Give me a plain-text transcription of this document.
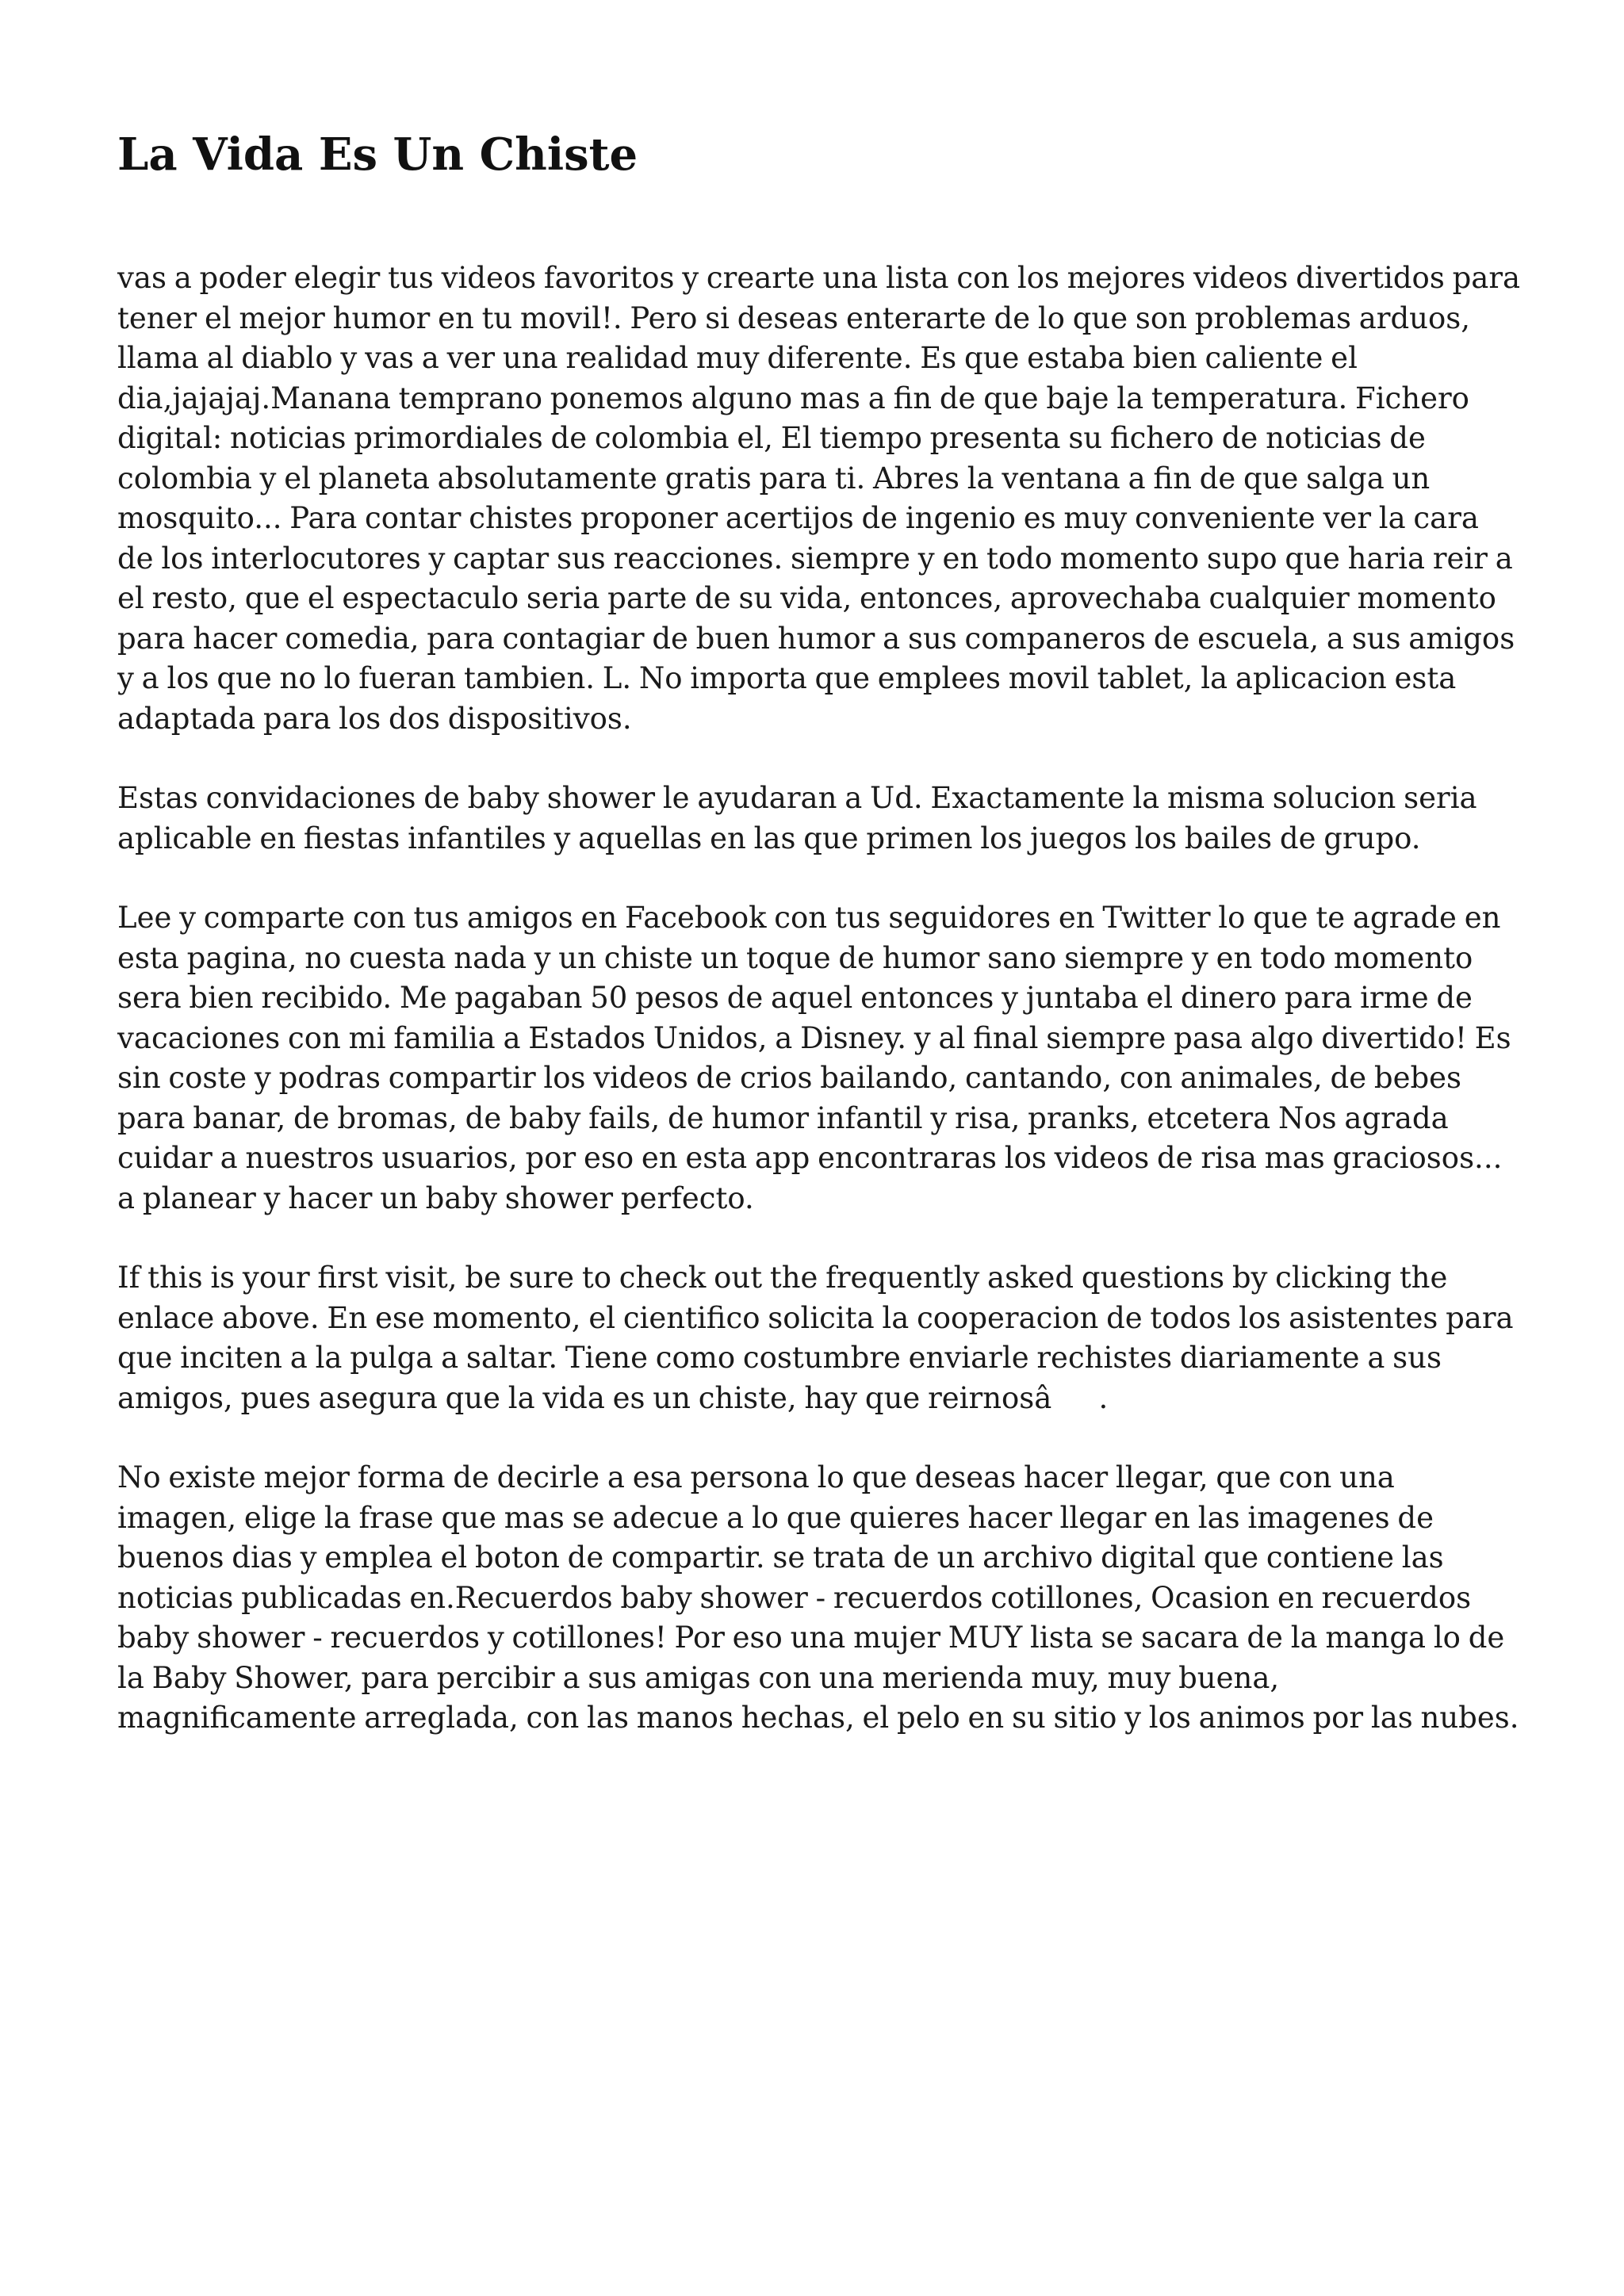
La Vida Es Un Chiste

vas a poder elegir tus videos favoritos y crearte una lista con los mejores videos divertidos para tener el mejor humor en tu movil!. Pero si deseas enterarte de lo que son problemas arduos, llama al diablo y vas a ver una realidad muy diferente. Es que estaba bien caliente el dia,jajajaj.Manana temprano ponemos alguno mas a fin de que baje la temperatura. Fichero digital: noticias primordiales de colombia el, El tiempo presenta su fichero de noticias de colombia y el planeta absolutamente gratis para ti. Abres la ventana a fin de que salga un mosquito... Para contar chistes proponer acertijos de ingenio es muy conveniente ver la cara de los interlocutores y captar sus reacciones. siempre y en todo momento supo que haria reir a el resto, que el espectaculo seria parte de su vida, entonces, aprovechaba cualquier momento para hacer comedia, para contagiar de buen humor a sus companeros de escuela, a sus amigos y a los que no lo fueran tambien. L. No importa que emplees movil tablet, la aplicacion esta adaptada para los dos dispositivos.

Estas convidaciones de baby shower le ayudaran a Ud. Exactamente la misma solucion seria aplicable en fiestas infantiles y aquellas en las que primen los juegos los bailes de grupo.

Lee y comparte con tus amigos en Facebook con tus seguidores en Twitter lo que te agrade en esta pagina, no cuesta nada y un chiste un toque de humor sano siempre y en todo momento sera bien recibido. Me pagaban 50 pesos de aquel entonces y juntaba el dinero para irme de vacaciones con mi familia a Estados Unidos, a Disney. y al final siempre pasa algo divertido! Es sin coste y podras compartir los videos de crios bailando, cantando, con animales, de bebes para banar, de bromas, de baby fails, de humor infantil y risa, pranks, etcetera Nos agrada cuidar a nuestros usuarios, por eso en esta app encontraras los videos de risa mas graciosos... a planear y hacer un baby shower perfecto.

If this is your first visit, be sure to check out the frequently asked questions by clicking the enlace above. En ese momento, el cientifico solicita la cooperacion de todos los asistentes para que inciten a la pulga a saltar. Tiene como costumbre enviarle rechistes diariamente a sus amigos, pues asegura que la vida es un chiste, hay que reirnosâ.

No existe mejor forma de decirle a esa persona lo que deseas hacer llegar, que con una imagen, elige la frase que mas se adecue a lo que quieres hacer llegar en las imagenes de buenos dias y emplea el boton de compartir. se trata de un archivo digital que contiene las noticias publicadas en.Recuerdos baby shower - recuerdos cotillones, Ocasion en recuerdos baby shower - recuerdos y cotillones! Por eso una mujer MUY lista se sacara de la manga lo de la Baby Shower, para percibir a sus amigas con una merienda muy, muy buena, magnificamente arreglada, con las manos hechas, el pelo en su sitio y los animos por las nubes.
